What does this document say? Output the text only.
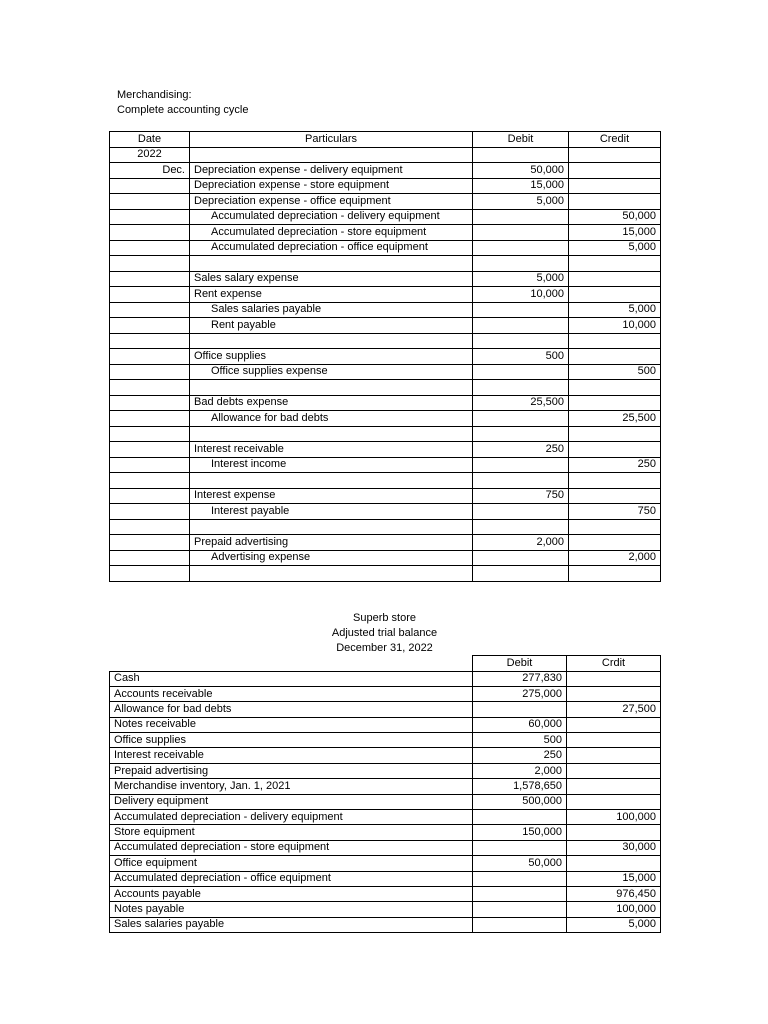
Merchandising:
Complete accounting cycle
Date	Particulars	Debit	Credit
2022			
Dec.	Depreciation expense - delivery equipment	50,000	
	Depreciation expense - store equipment	15,000	
	Depreciation expense - office equipment	5,000	
	Accumulated depreciation - delivery equipment		50,000
	Accumulated depreciation - store equipment		15,000
	Accumulated depreciation - office equipment		5,000

	Sales salary expense	5,000	
	Rent expense	10,000	
	Sales salaries payable		5,000
	Rent payable		10,000

	Office supplies	500	
	Office supplies expense		500

	Bad debts expense	25,500	
	Allowance for bad debts		25,500

	Interest receivable	250	
	Interest income		250

	Interest expense	750	
	Interest payable		750

	Prepaid advertising	2,000	
	Advertising expense		2,000

Superb store
Adjusted trial balance
December 31, 2022
	Debit	Crdit
Cash	277,830	
Accounts receivable	275,000	
Allowance for bad debts		27,500
Notes receivable	60,000	
Office supplies	500	
Interest receivable	250	
Prepaid advertising	2,000	
Merchandise inventory, Jan. 1, 2021	1,578,650	
Delivery equipment	500,000	
Accumulated depreciation - delivery equipment		100,000
Store equipment	150,000	
Accumulated depreciation - store equipment		30,000
Office equipment	50,000	
Accumulated depreciation - office equipment		15,000
Accounts payable		976,450
Notes payable		100,000
Sales salaries payable		5,000
